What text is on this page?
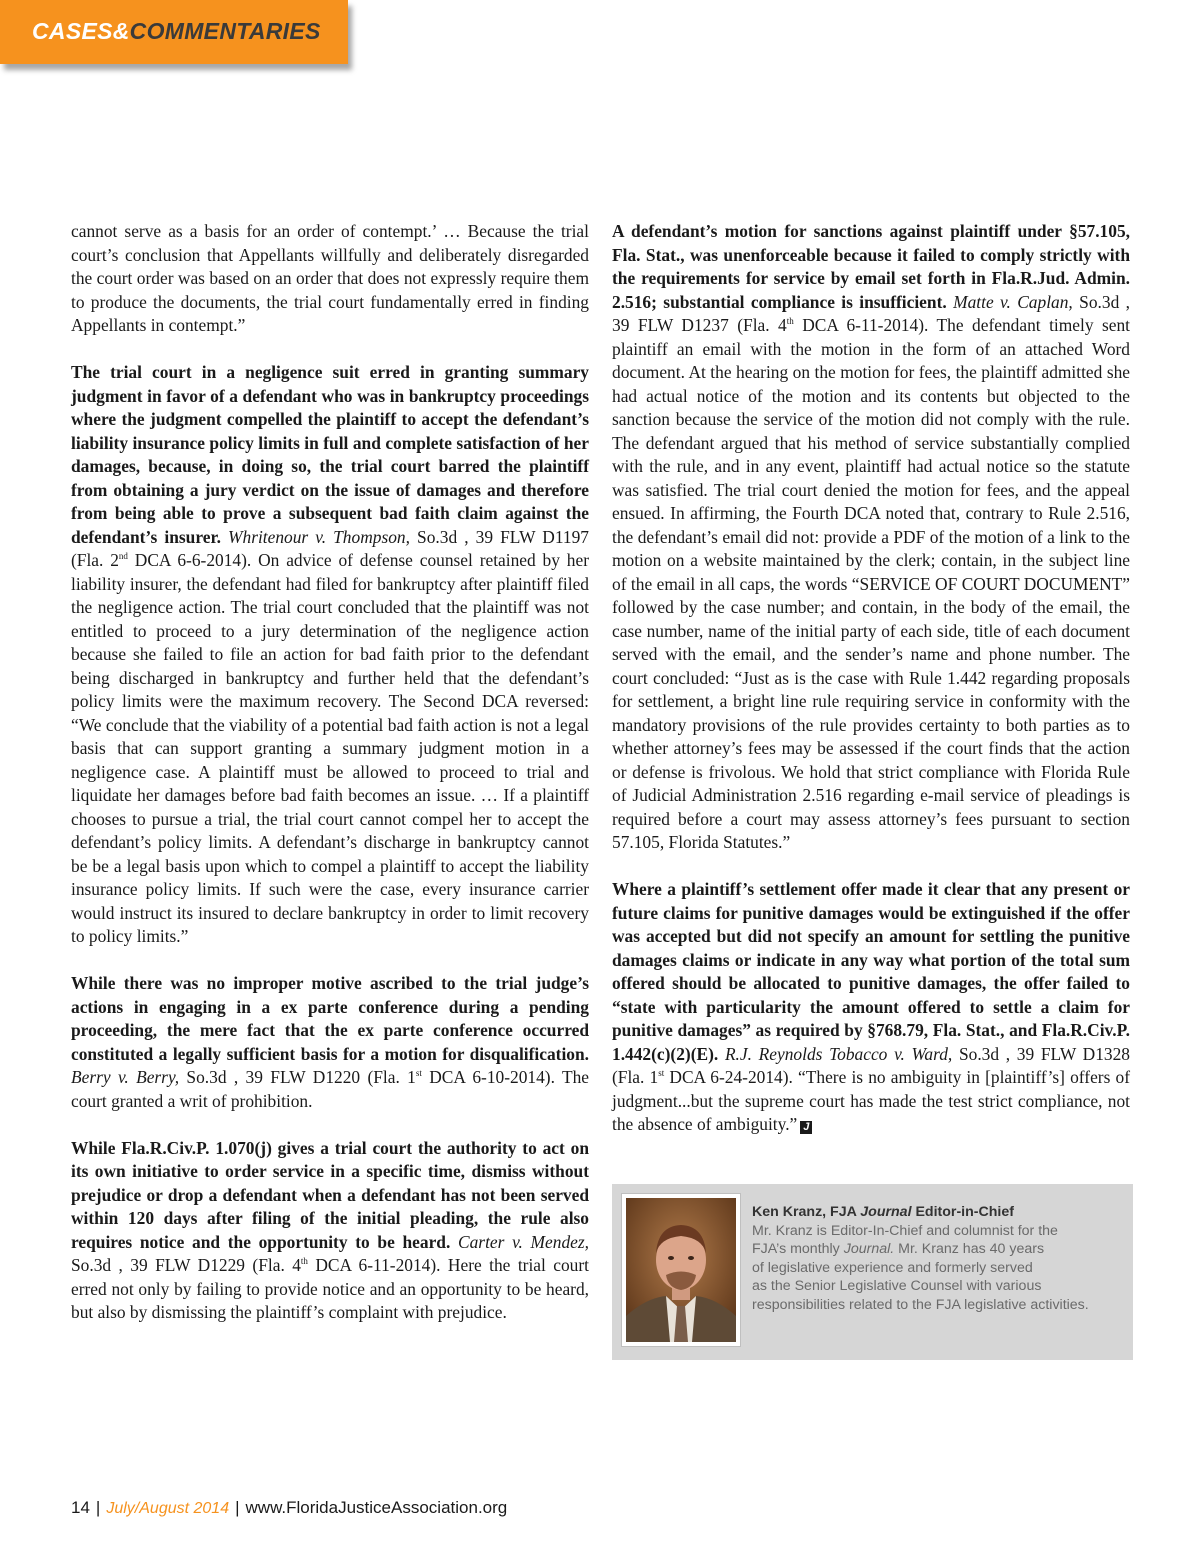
CASES&COMMENTARIES

cannot serve as a basis for an order of contempt.’ … Because the trial court’s conclusion that Appellants willfully and deliberately disregarded the court order was based on an order that does not expressly require them to produce the documents, the trial court fundamentally erred in finding Appellants in contempt.”

The trial court in a negligence suit erred in granting summary judgment in favor of a defendant who was in bankruptcy proceedings where the judgment compelled the plaintiff to accept the defendant’s liability insurance policy limits in full and complete satisfaction of her damages, because, in doing so, the trial court barred the plaintiff from obtaining a jury verdict on the issue of damages and therefore from being able to prove a subsequent bad faith claim against the defendant’s insurer. Whritenour v. Thompson, So.3d , 39 FLW D1197 (Fla. 2nd DCA 6-6-2014). On advice of defense counsel retained by her liability insurer, the defendant had filed for bankruptcy after plaintiff filed the negligence action. The trial court concluded that the plaintiff was not entitled to proceed to a jury determination of the negligence action because she failed to file an action for bad faith prior to the defendant being discharged in bankruptcy and further held that the defendant’s policy limits were the maximum recovery. The Second DCA reversed: “We conclude that the viability of a potential bad faith action is not a legal basis that can support granting a summary judgment motion in a negligence case. A plaintiff must be allowed to proceed to trial and liquidate her damages before bad faith becomes an issue. … If a plaintiff chooses to pursue a trial, the trial court cannot compel her to accept the defendant’s policy limits. A defendant’s discharge in bankruptcy cannot be be a legal basis upon which to compel a plaintiff to accept the liability insurance policy limits. If such were the case, every insurance carrier would instruct its insured to declare bankruptcy in order to limit recovery to policy limits.”

While there was no improper motive ascribed to the trial judge’s actions in engaging in a ex parte conference during a pending proceeding, the mere fact that the ex parte conference occurred constituted a legally sufficient basis for a motion for disqualification. Berry v. Berry, So.3d , 39 FLW D1220 (Fla. 1st DCA 6-10-2014). The court granted a writ of prohibition.

While Fla.R.Civ.P. 1.070(j) gives a trial court the authority to act on its own initiative to order service in a specific time, dismiss without prejudice or drop a defendant when a defendant has not been served within 120 days after filing of the initial pleading, the rule also requires notice and the opportunity to be heard. Carter v. Mendez, So.3d , 39 FLW D1229 (Fla. 4th DCA 6-11-2014). Here the trial court erred not only by failing to provide notice and an opportunity to be heard, but also by dismissing the plaintiff’s complaint with prejudice.

A defendant’s motion for sanctions against plaintiff under §57.105, Fla. Stat., was unenforceable because it failed to comply strictly with the requirements for service by email set forth in Fla.R.Jud. Admin. 2.516; substantial compliance is insufficient. Matte v. Caplan, So.3d , 39 FLW D1237 (Fla. 4th DCA 6-11-2014). The defendant timely sent plaintiff an email with the motion in the form of an attached Word document. At the hearing on the motion for fees, the plaintiff admitted she had actual notice of the motion and its contents but objected to the sanction because the service of the motion did not comply with the rule. The defendant argued that his method of service substantially complied with the rule, and in any event, plaintiff had actual notice so the statute was satisfied. The trial court denied the motion for fees, and the appeal ensued. In affirming, the Fourth DCA noted that, contrary to Rule 2.516, the defendant’s email did not: provide a PDF of the motion of a link to the motion on a website maintained by the clerk; contain, in the subject line of the email in all caps, the words “SERVICE OF COURT DOCUMENT” followed by the case number; and contain, in the body of the email, the case number, name of the initial party of each side, title of each document served with the email, and the sender’s name and phone number. The court concluded: “Just as is the case with Rule 1.442 regarding proposals for settlement, a bright line rule requiring service in conformity with the mandatory provisions of the rule provides certainty to both parties as to whether attorney’s fees may be assessed if the court finds that the action or defense is frivolous. We hold that strict compliance with Florida Rule of Judicial Administration 2.516 regarding e-mail service of pleadings is required before a court may assess attorney’s fees pursuant to section 57.105, Florida Statutes.”

Where a plaintiff’s settlement offer made it clear that any present or future claims for punitive damages would be extinguished if the offer was accepted but did not specify an amount for settling the punitive damages claims or indicate in any way what portion of the total sum offered should be allocated to punitive damages, the offer failed to “state with particularity the amount offered to settle a claim for punitive damages” as required by §768.79, Fla. Stat., and Fla.R.Civ.P. 1.442(c)(2)(E). R.J. Reynolds Tobacco v. Ward, So.3d , 39 FLW D1328 (Fla. 1st DCA 6-24-2014). “There is no ambiguity in [plaintiff’s] offers of judgment...but the supreme court has made the test strict compliance, not the absence of ambiguity.” J

Ken Kranz, FJA Journal Editor-in-Chief
Mr. Kranz is Editor-In-Chief and columnist for the
FJA’s monthly Journal. Mr. Kranz has 40 years
of legislative experience and formerly served
as the Senior Legislative Counsel with various
responsibilities related to the FJA legislative activities.
14 | July/August 2014 | www.FloridaJusticeAssociation.org
